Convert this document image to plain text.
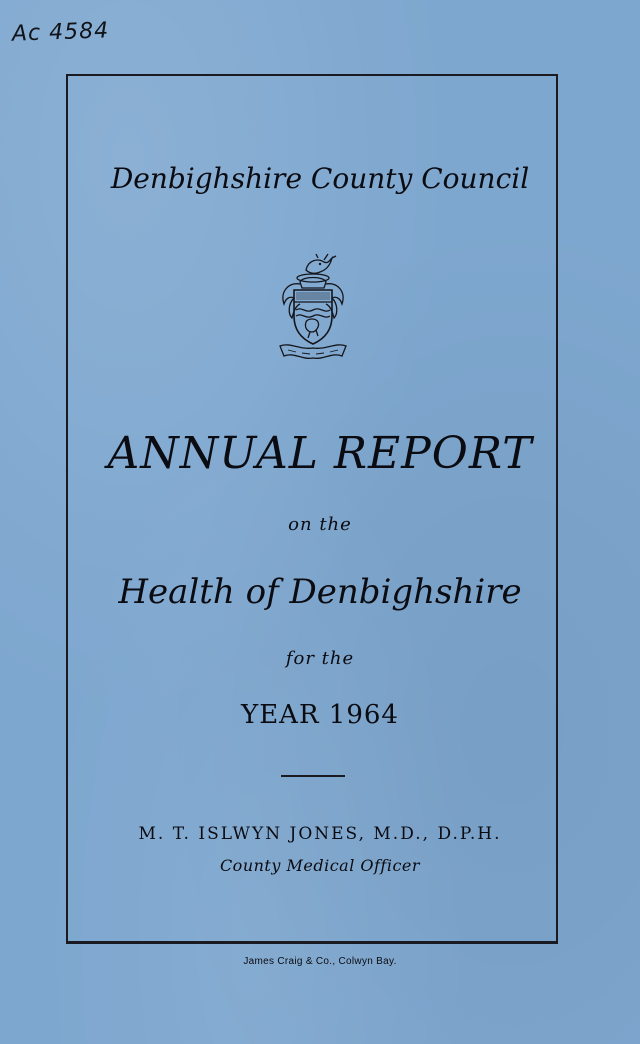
Ac 4584
Denbighshire County Council
ANNUAL REPORT
on the
Health of Denbighshire
for the
YEAR 1964
M. T. ISLWYN JONES, M.D., D.P.H.
County Medical Officer
James Craig & Co., Colwyn Bay.
